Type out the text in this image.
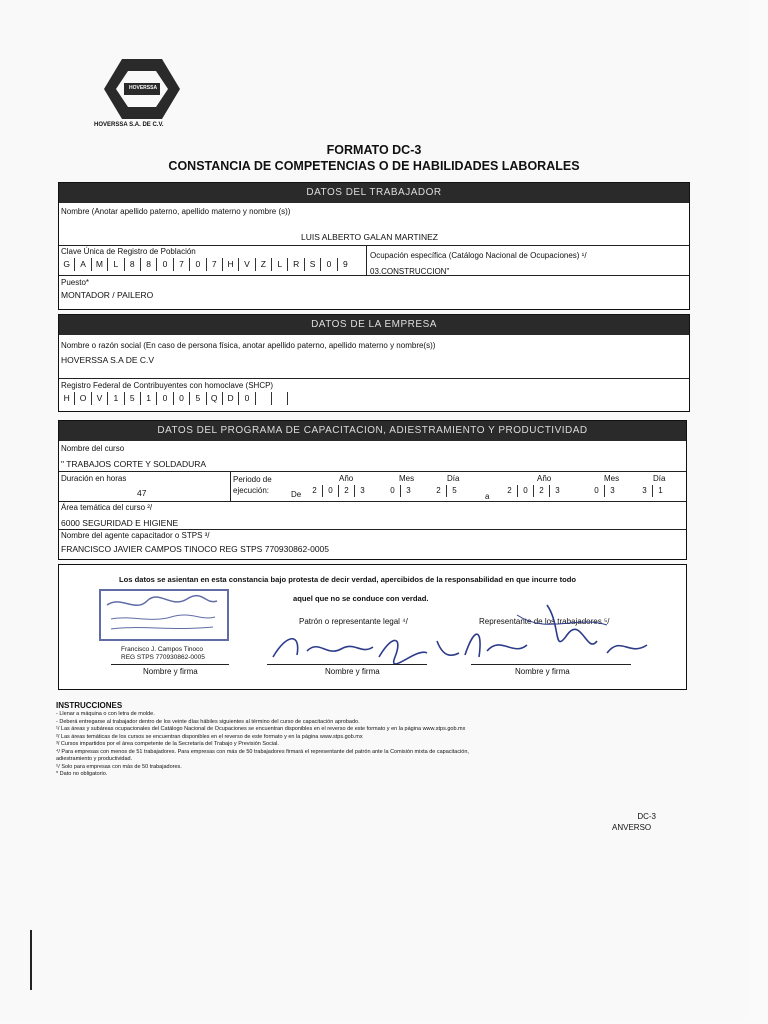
HOVERSSA
HOVERSSA S.A. DE C.V.
FORMATO DC-3
CONSTANCIA DE COMPETENCIAS O DE HABILIDADES LABORALES
DATOS DEL TRABAJADOR
Nombre (Anotar apellido paterno, apellido materno y nombre (s))
LUIS ALBERTO GALAN MARTINEZ
Clave Única de Registro de Población
G	A	M	L	8	8	0	7	0	7	H	V	Z	L	R	S	0	9
Ocupación específica (Catálogo Nacional de Ocupaciones) ¹/
03.CONSTRUCCION"
Puesto*
MONTADOR / PAILERO
DATOS DE LA EMPRESA
Nombre o razón social (En caso de persona física, anotar apellido paterno, apellido materno y nombre(s))
HOVERSSA S.A DE C.V
Registro Federal de Contribuyentes con homoclave (SHCP)
H	O	V	1	5	1	0	0	5	Q	D	0
DATOS DEL PROGRAMA DE CAPACITACION, ADIESTRAMIENTO Y PRODUCTIVIDAD
Nombre del curso
" TRABAJOS CORTE Y SOLDADURA
Duración en horas
47
Periodo de
ejecución:	De
Año
2	0	2	3
Mes
0	3
Día
2	5
a
Año
2	0	2	3
Mes
0	3
Día
3	1
Área temática del curso ²/
6000 SEGURIDAD E HIGIENE
Nombre del agente capacitador o STPS ³/
FRANCISCO JAVIER CAMPOS TINOCO REG STPS 770930862-0005
Los datos se asientan en esta constancia bajo protesta de decir verdad, apercibidos de la responsabilidad en que incurre todo
aquel que no se conduce con verdad.
Francisco J. Campos Tinoco
REG STPS 770930862-0005
Nombre y firma
Patrón o representante legal ⁴/
Nombre y firma
Representante de los trabajadores ⁵/
Nombre y firma
INSTRUCCIONES
- Llenar a máquina o con letra de molde.
- Deberá entregarse al trabajador dentro de los veinte días hábiles siguientes al término del curso de capacitación aprobado.
¹/ Las áreas y subáreas ocupacionales del Catálogo Nacional de Ocupaciones se encuentran disponibles en el reverso de este formato y en la página www.stps.gob.mx
²/ Las áreas temáticas de los cursos se encuentran disponibles en el reverso de este formato y en la página www.stps.gob.mx
³/ Cursos impartidos por el área competente de la Secretaría del Trabajo y Previsión Social.
⁴/ Para empresas con menos de 51 trabajadores. Para empresas con más de 50 trabajadores firmará el representante del patrón ante la Comisión mixta de capacitación,
adiestramiento y productividad.
⁵/ Solo para empresas con más de 50 trabajadores.
* Dato no obligatorio.
DC-3
ANVERSO
